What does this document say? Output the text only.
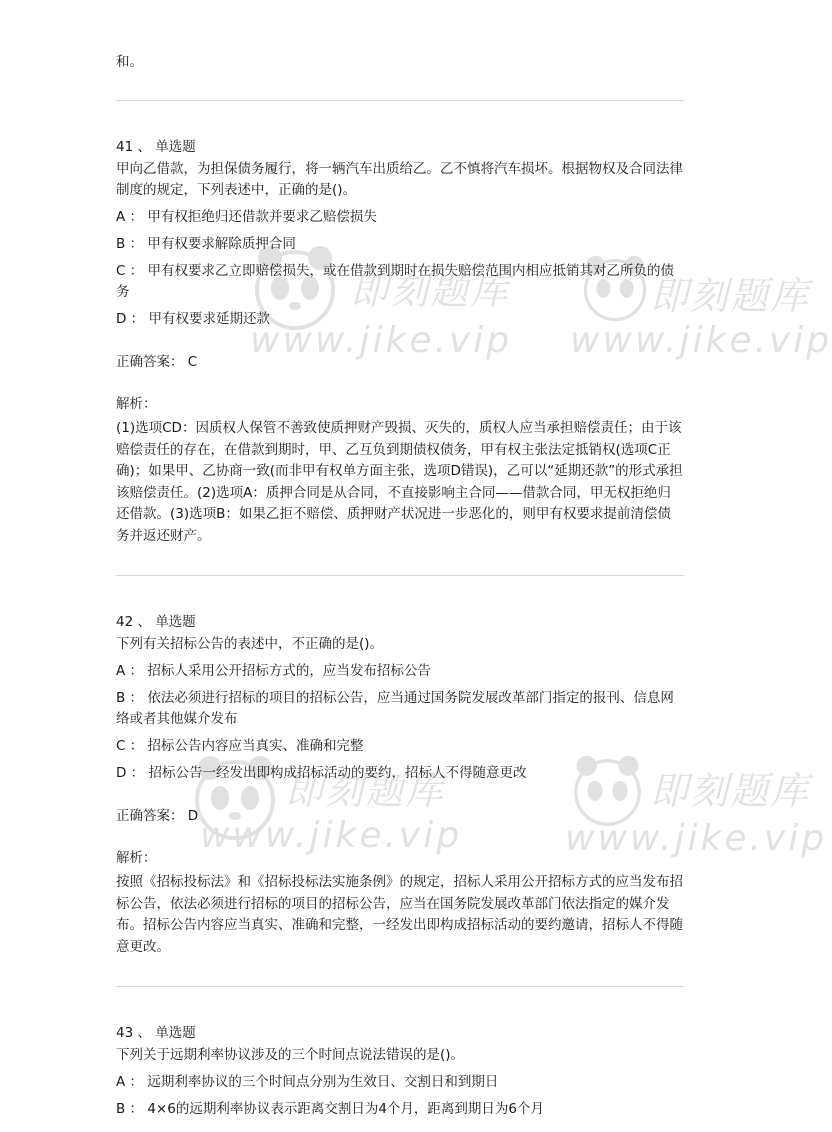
即刻题库
www.jike.vip
即刻题库
www.jike.vip
即刻题库
www.jike.vip
即刻题库
www.jike.vip

和。

41 、 单选题

甲向乙借款，为担保债务履行，将一辆汽车出质给乙。乙不慎将汽车损坏。根据物权及合同法律制度的规定，下列表述中，正确的是()。

A ： 甲有权拒绝归还借款并要求乙赔偿损失

B ： 甲有权要求解除质押合同

C ： 甲有权要求乙立即赔偿损失，或在借款到期时在损失赔偿范围内相应抵销其对乙所负的债务

D ： 甲有权要求延期还款

正确答案： C

解析：

(1)选项CD：因质权人保管不善致使质押财产毁损、灭失的，质权人应当承担赔偿责任；由于该赔偿责任的存在，在借款到期时，甲、乙互负到期债权债务，甲有权主张法定抵销权(选项C正确)；如果甲、乙协商一致(而非甲有权单方面主张，选项D错误)，乙可以“延期还款”的形式承担该赔偿责任。(2)选项A：质押合同是从合同，不直接影响主合同——借款合同，甲无权拒绝归还借款。(3)选项B：如果乙拒不赔偿、质押财产状况进一步恶化的，则甲有权要求提前清偿债务并返还财产。

42 、 单选题

下列有关招标公告的表述中，不正确的是()。

A ： 招标人采用公开招标方式的，应当发布招标公告

B ： 依法必须进行招标的项目的招标公告，应当通过国务院发展改革部门指定的报刊、信息网络或者其他媒介发布

C ： 招标公告内容应当真实、准确和完整

D ： 招标公告一经发出即构成招标活动的要约，招标人不得随意更改

正确答案： D

解析：

按照《招标投标法》和《招标投标法实施条例》的规定，招标人采用公开招标方式的应当发布招标公告，依法必须进行招标的项目的招标公告，应当在国务院发展改革部门依法指定的媒介发布。招标公告内容应当真实、准确和完整，一经发出即构成招标活动的要约邀请，招标人不得随意更改。

43 、 单选题

下列关于远期利率协议涉及的三个时间点说法错误的是()。

A ： 远期利率协议的三个时间点分别为生效日、交割日和到期日

B ： 4×6的远期利率协议表示距离交割日为4个月，距离到期日为6个月
